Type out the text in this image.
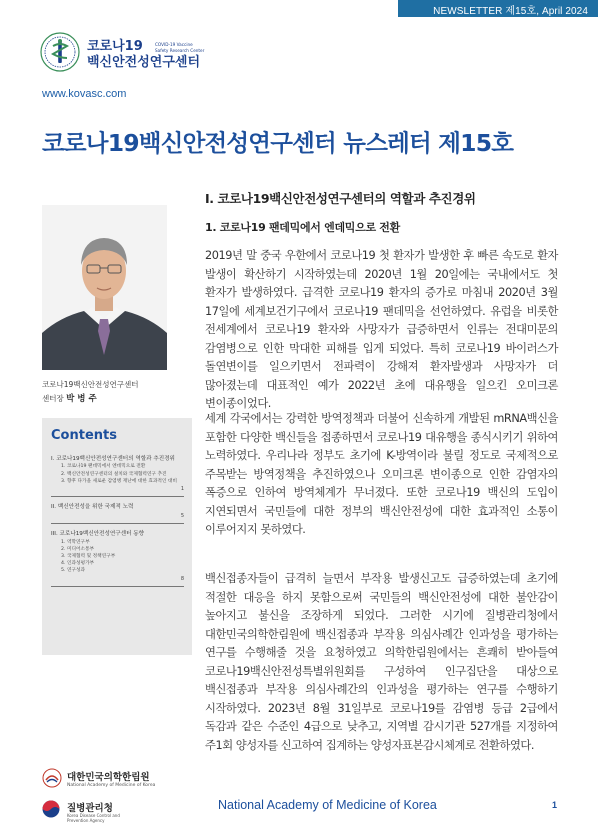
NEWSLETTER 제15호, April 2024
코로나19
백신안전성연구센터
COVID-19 Vaccine
Safety Research Center
www.kovasc.com
코로나19백신안전성연구센터 뉴스레터 제15호
코로나19백신안전성연구센터
센터장 박 병 주
Contents
I. 코로나19백신안전성연구센터의 역할과 추진경위
1. 코로나19 팬데믹에서 엔데믹으로 전환
2. 백신안전성연구센터의 설치와 국제협력연구 추진
3. 향후 다가올 새로운 감염병 재난에 대한 효과적인 대비
1
II. 백신안전성을 위한 국제적 노력
5
III. 코로나19백신안전성연구센터 동향
1. 역학연구부
2. 미디어소통부
3. 국제협력 및 정책연구부
4. 인과성평가부
5. 연구성과
8
I. 코로나19백신안전성연구센터의 역할과 추진경위
1. 코로나19 팬데믹에서 엔데믹으로 전환

2019년 말 중국 우한에서 코로나19 첫 환자가 발생한 후 빠른 속도로 환자 발생이 확산하기 시작하였는데 2020년 1월 20일에는 국내에서도 첫 환자가 발생하였다. 급격한 코로나19 환자의 증가로 마침내 2020년 3월 17일에 세계보건기구에서 코로나19 팬데믹을 선언하였다. 유럽을 비롯한 전세계에서 코로나19 환자와 사망자가 급증하면서 인류는 전대미문의 감염병으로 인한 막대한 피해를 입게 되었다. 특히 코로나19 바이러스가 돌연변이를 일으키면서 전파력이 강해져 환자발생과 사망자가 더 많아졌는데 대표적인 예가 2022년 초에 대유행을 일으킨 오미크론 변이종이었다.

세계 각국에서는 강력한 방역정책과 더불어 신속하게 개발된 mRNA백신을 포함한 다양한 백신들을 접종하면서 코로나19 대유행을 종식시키기 위하여 노력하였다. 우리나라 정부도 초기에 K-방역이라 불릴 정도로 국제적으로 주목받는 방역정책을 추진하였으나 오미크론 변이종으로 인한 감염자의 폭증으로 인하여 방역체계가 무너졌다. 또한 코로나19 백신의 도입이 지연되면서 국민들에 대한 정부의 백신안전성에 대한 효과적인 소통이 이루어지지 못하였다.

백신접종자들이 급격히 늘면서 부작용 발생신고도 급증하였는데 초기에 적절한 대응을 하지 못함으로써 국민들의 백신안전성에 대한 불안감이 높아지고 불신을 조장하게 되었다. 그러한 시기에 질병관리청에서 대한민국의학한림원에 백신접종과 부작용 의심사례간 인과성을 평가하는 연구를 수행해줄 것을 요청하였고 의학한림원에서는 흔쾌히 받아들여 코로나19백신안전성특별위원회를 구성하여 인구집단을 대상으로 백신접종과 부작용 의심사례간의 인과성을 평가하는 연구를 수행하기 시작하였다. 2023년 8월 31일부로 코로나19를 감염병 등급 2급에서 독감과 같은 수준인 4급으로 낮추고, 지역별 감시기관 527개를 지정하여 주1회 양성자를 신고하여 집계하는 양성자표본감시체계로 전환하였다.

대한민국의학한림원
National Academy of Medicine of Korea
질병관리청
Korea Disease Control and Prevention Agency
National Academy of Medicine of Korea	1
